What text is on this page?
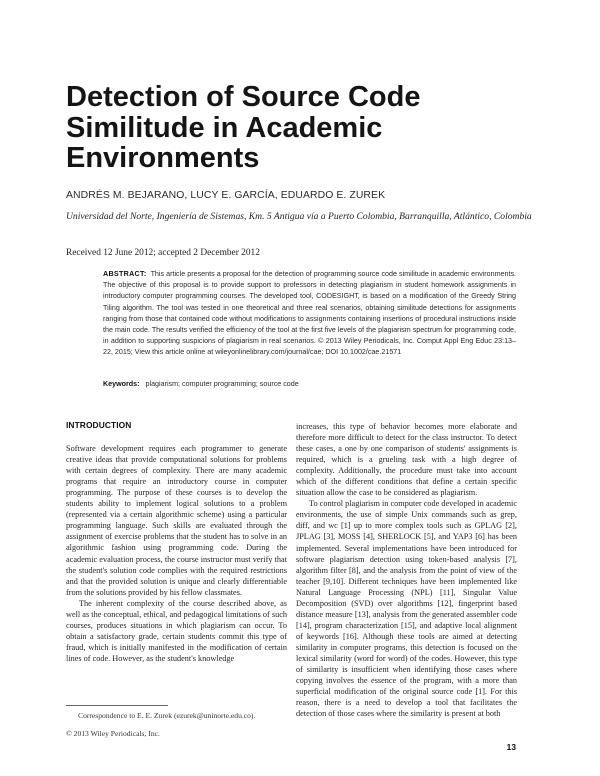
Detection of Source Code
Similitude in Academic
Environments
ANDRÉS M. BEJARANO, LUCY E. GARCÍA, EDUARDO E. ZUREK
Universidad del Norte, Ingeniería de Sistemas, Km. 5 Antigua vía a Puerto Colombia, Barranquilla, Atlántico, Colombia
Received 12 June 2012; accepted 2 December 2012
ABSTRACT: This article presents a proposal for the detection of programming source code similitude in academic environments. The objective of this proposal is to provide support to professors in detecting plagiarism in student homework assignments in introductory computer programming courses. The developed tool, CODESIGHT, is based on a modification of the Greedy String Tiling algorithm. The tool was tested in one theoretical and three real scenarios, obtaining similitude detections for assignments ranging from those that contained code without modifications to assignments containing insertions of procedural instructions inside the main code. The results verified the efficiency of the tool at the first five levels of the plagiarism spectrum for programming code, in addition to supporting suspicions of plagiarism in real scenarios. © 2013 Wiley Periodicals, Inc. Comput Appl Eng Educ 23:13–22, 2015; View this article online at wileyonlinelibrary.com/journal/cae; DOI 10.1002/cae.21571
Keywords: plagiarism; computer programming; source code
INTRODUCTION

Software development requires each programmer to generate creative ideas that provide computational solutions for problems with certain degrees of complexity. There are many academic programs that require an introductory course in computer programming. The purpose of these courses is to develop the students ability to implement logical solutions to a problem (represented via a certain algorithmic scheme) using a particular programming language. Such skills are evaluated through the assignment of exercise problems that the student has to solve in an algorithmic fashion using programming code. During the academic evaluation process, the course instructor must verify that the student's solution code complies with the required restrictions and that the provided solution is unique and clearly differentiable from the solutions provided by his fellow classmates.

The inherent complexity of the course described above, as well as the conceptual, ethical, and pedagogical limitations of such courses, produces situations in which plagiarism can occur. To obtain a satisfactory grade, certain students commit this type of fraud, which is initially manifested in the modification of certain lines of code. However, as the student's knowledge

increases, this type of behavior becomes more elaborate and therefore more difficult to detect for the class instructor. To detect these cases, a one by one comparison of students' assignments is required, which is a grueling task with a high degree of complexity. Additionally, the procedure must take into account which of the different conditions that define a certain specific situation allow the case to be considered as plagiarism.

To control plagiarism in computer code developed in academic environments, the use of simple Unix commands such as grep, diff, and wc [1] up to more complex tools such as GPLAG [2], JPLAG [3], MOSS [4], SHERLOCK [5], and YAP3 [6] has been implemented. Several implementations have been introduced for software plagiarism detection using token-based analysis [7], algorithm filter [8], and the analysis from the point of view of the teacher [9,10]. Different techniques have been implemented like Natural Language Processing (NPL) [11], Singular Value Decomposition (SVD) over algorithms [12], fingerprint based distance measure [13], analysis from the generated assembler code [14], program characterization [15], and adaptive local alignment of keywords [16]. Although these tools are aimed at detecting similarity in computer programs, this detection is focused on the lexical similarity (word for word) of the codes. However, this type of similarity is insufficient when identifying those cases where copying involves the essence of the program, with a more than superficial modification of the original source code [1]. For this reason, there is a need to develop a tool that facilitates the detection of those cases where the similarity is present at both

Correspondence to E. E. Zurek (ezurek@uninorte.edu.co).
© 2013 Wiley Periodicals, Inc.
13
